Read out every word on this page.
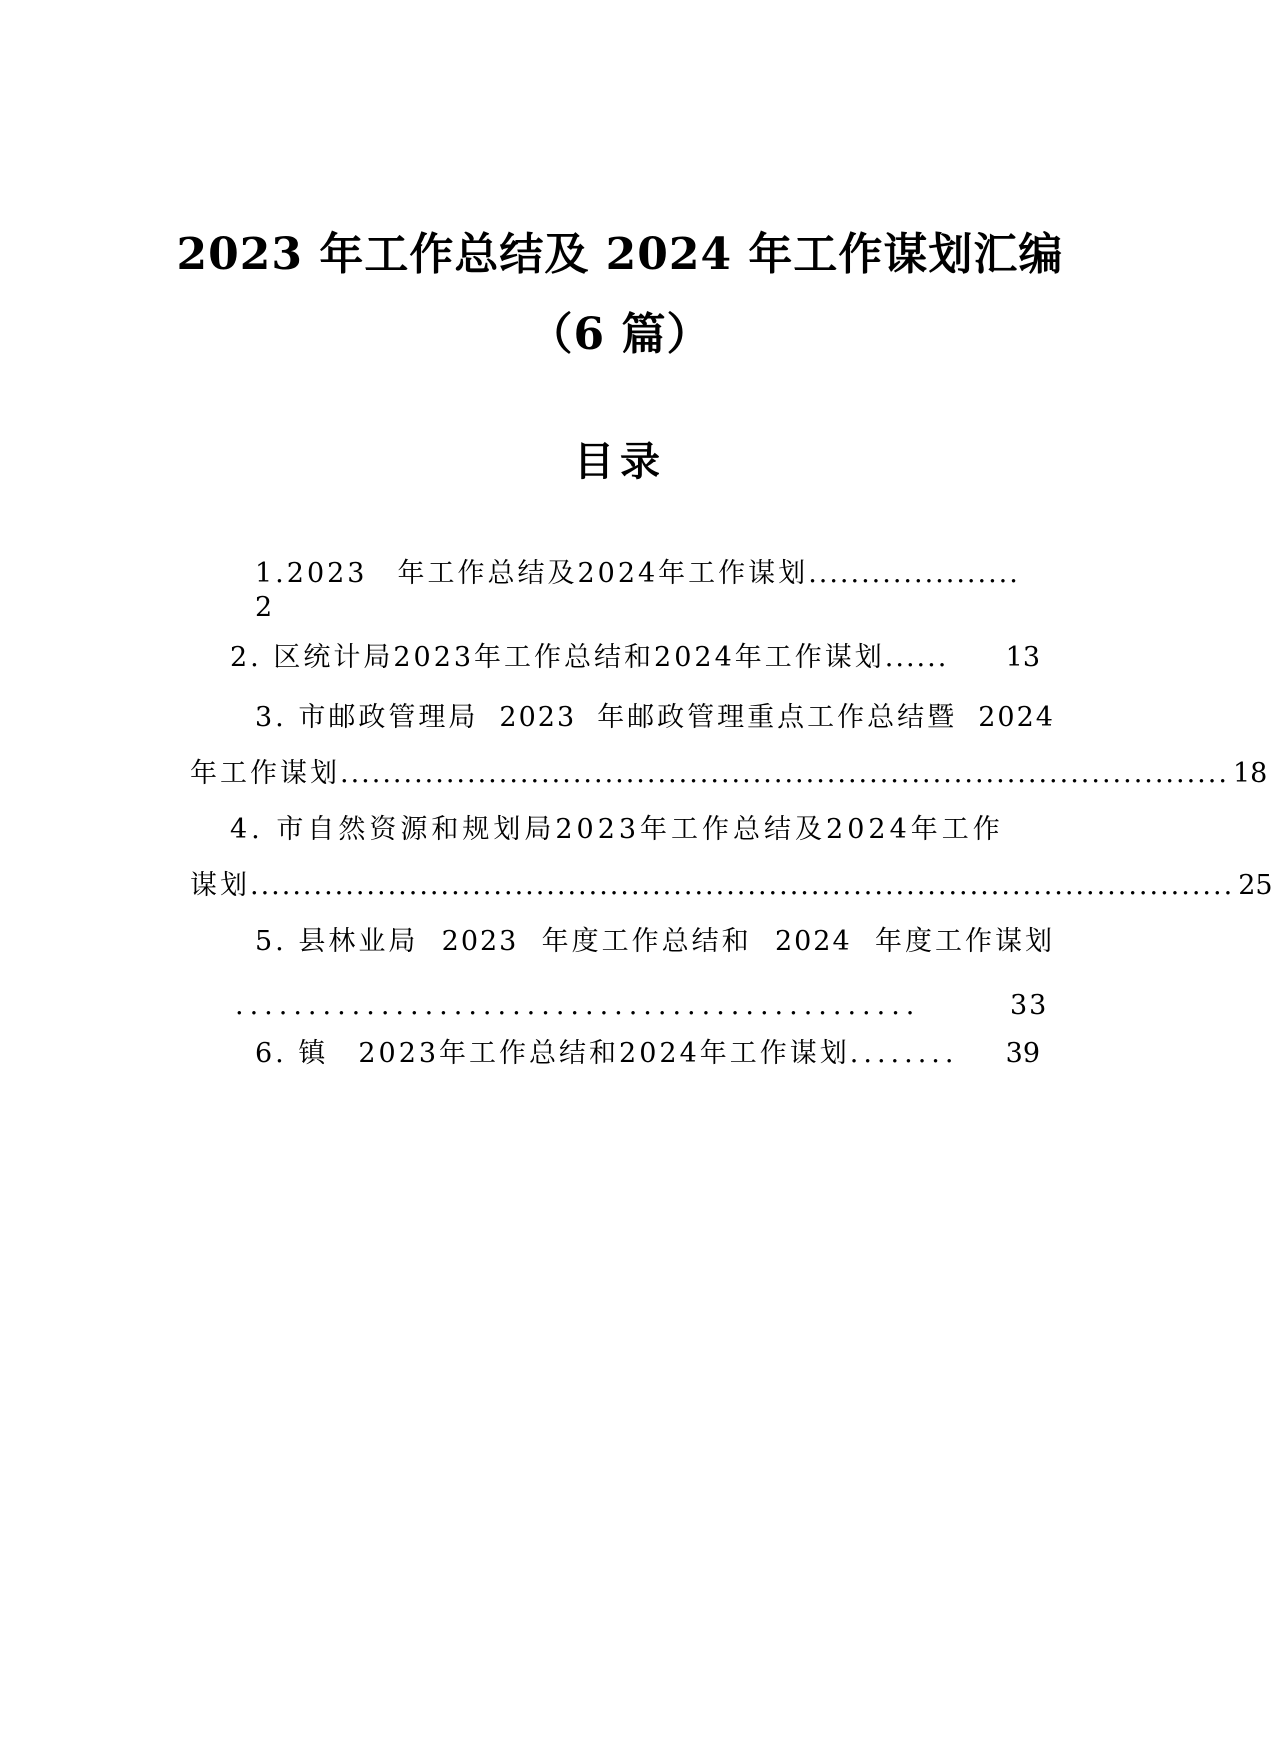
2023 年工作总结及 2024 年工作谋划汇编
（6 篇）
目录
1.2023　年工作总结及2024年工作谋划 ....................
2
2. 区统计局2023年工作总结和2024年工作谋划 ......	13
3. 市邮政管理局 2023 年邮政管理重点工作总结暨 2024
年工作谋划 .................................................................................... 18
4. 市自然资源和规划局2023年工作总结及2024年工作
谋划 ............................................................................................. 25
5. 县林业局 2023 年度工作总结和 2024 年度工作谋划
...............................................	33
6. 镇　2023年工作总结和2024年工作谋划 ........	39
